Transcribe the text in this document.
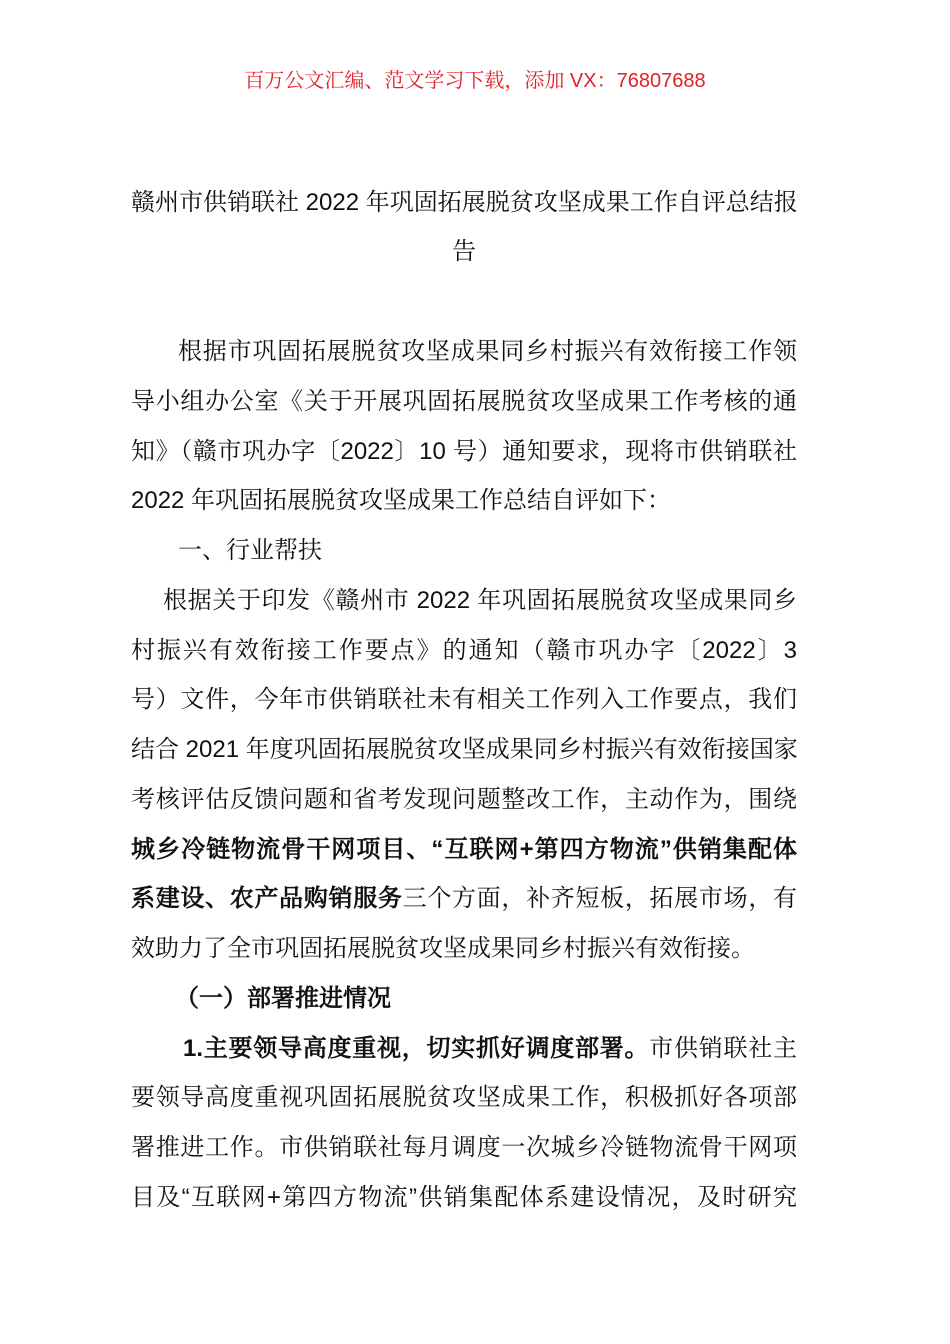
百万公文汇编、范文学习下载，添加 VX：76807688
赣州市供销联社 2022 年巩固拓展脱贫攻坚成果工作自评总结报
告
根据市巩固拓展脱贫攻坚成果同乡村振兴有效衔接工作领
导小组办公室《关于开展巩固拓展脱贫攻坚成果工作考核的通
知》（赣市巩办字〔2022〕10 号）通知要求，现将市供销联社
2022 年巩固拓展脱贫攻坚成果工作总结自评如下：
一、行业帮扶
根据关于印发《赣州市 2022 年巩固拓展脱贫攻坚成果同乡
村振兴有效衔接工作要点》的通知（赣市巩办字〔2022〕3
号）文件，今年市供销联社未有相关工作列入工作要点，我们
结合 2021 年度巩固拓展脱贫攻坚成果同乡村振兴有效衔接国家
考核评估反馈问题和省考发现问题整改工作，主动作为，围绕
城乡冷链物流骨干网项目、“互联网+第四方物流”供销集配体
系建设、农产品购销服务三个方面，补齐短板，拓展市场，有
效助力了全市巩固拓展脱贫攻坚成果同乡村振兴有效衔接。
（一）部署推进情况
1.主要领导高度重视，切实抓好调度部署。市供销联社主
要领导高度重视巩固拓展脱贫攻坚成果工作，积极抓好各项部
署推进工作。市供销联社每月调度一次城乡冷链物流骨干网项
目及“互联网+第四方物流”供销集配体系建设情况，及时研究
